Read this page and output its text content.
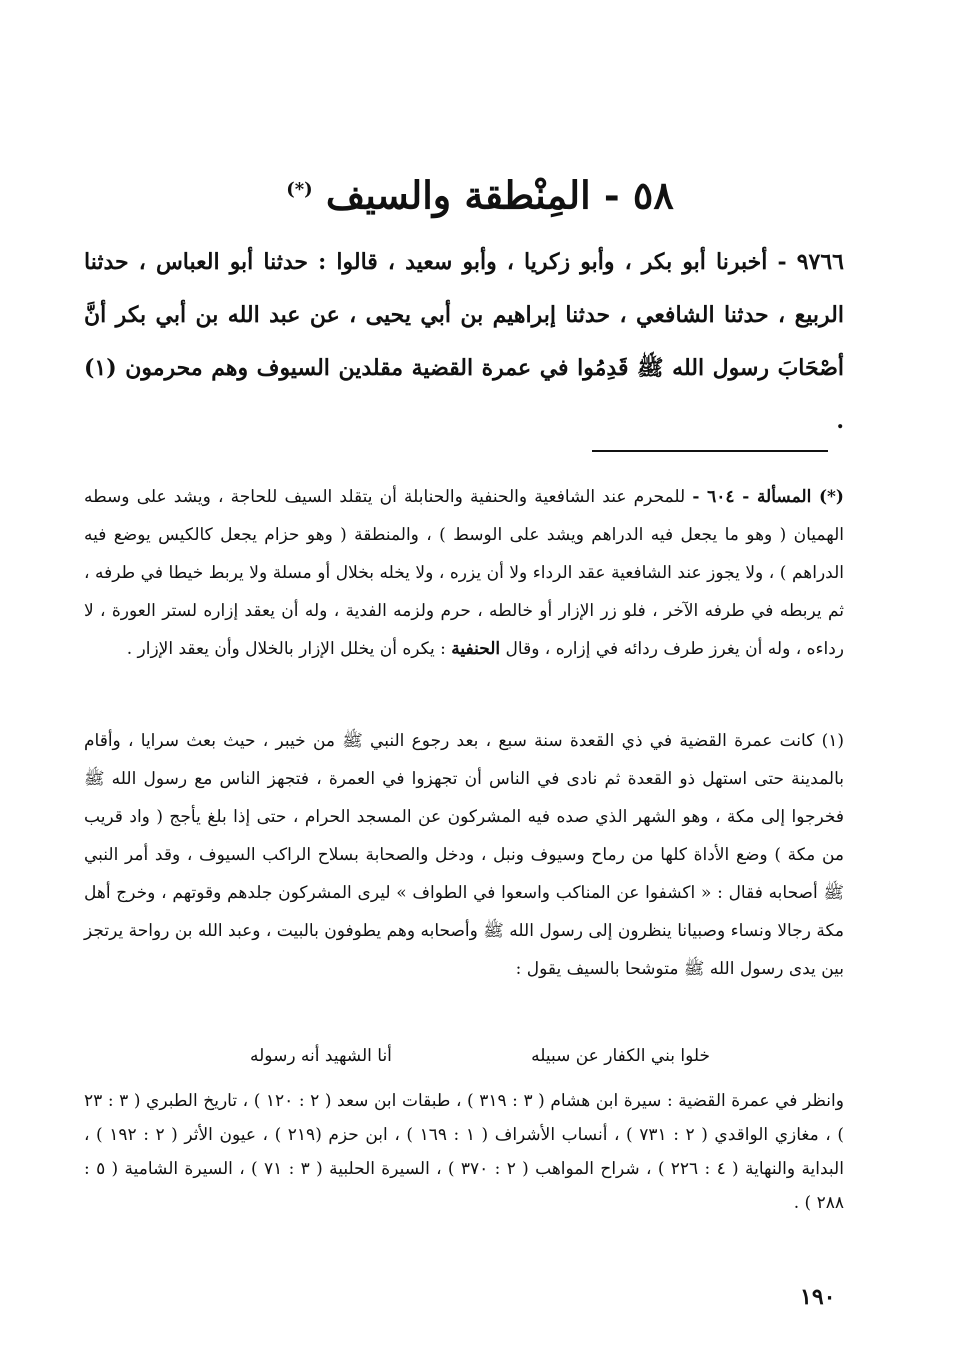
٥٨ - المِنْطقة والسيف (*)

٩٧٦٦ - أخبرنا أبو بكر ، وأبو زكريا ، وأبو سعيد ، قالوا : حدثنا أبو العباس ، حدثنا الربيع ، حدثنا الشافعي ، حدثنا إبراهيم بن أبي يحيى ، عن عبد الله بن أبي بكر أنَّ أصْحَابَ رسول الله ﷺ قَدِمُوا في عمرة القضية مقلدين السيوف وهم محرمون (١) .

(*) المسألة - ٦٠٤ - للمحرم عند الشافعية والحنفية والحنابلة أن يتقلد السيف للحاجة ، ويشد على وسطه الهميان ( وهو ما يجعل فيه الدراهم ويشد على الوسط ) ، والمنطقة ( وهو حزام يجعل كالكيس يوضع فيه الدراهم ) ، ولا يجوز عند الشافعية عقد الرداء ولا أن يزره ، ولا يخله بخلال أو مسلة ولا يربط خيطا في طرفه ، ثم يربطه في طرفه الآخر ، فلو زر الإزار أو خالطه ، حرم ولزمه الفدية ، وله أن يعقد إزاره لستر العورة ، لا رداءه ، وله أن يغرز طرف ردائه في إزاره ، وقال الحنفية : يكره أن يخلل الإزار بالخلال وأن يعقد الإزار .

(١) كانت عمرة القضية في ذي القعدة سنة سبع ، بعد رجوع النبي ﷺ من خيبر ، حيث بعث سرايا ، وأقام بالمدينة حتى استهل ذو القعدة ثم نادى في الناس أن تجهزوا في العمرة ، فتجهز الناس مع رسول الله ﷺ فخرجوا إلى مكة ، وهو الشهر الذي صده فيه المشركون عن المسجد الحرام ، حتى إذا بلغ يأجج ( واد قريب من مكة ) وضع الأداة كلها من رماح وسيوف ونبل ، ودخل والصحابة بسلاح الراكب السيوف ، وقد أمر النبي ﷺ أصحابه فقال : « اكشفوا عن المناكب واسعوا في الطواف » ليرى المشركون جلدهم وقوتهم ، وخرج أهل مكة رجالا ونساء وصبيانا ينظرون إلى رسول الله ﷺ وأصحابه وهم يطوفون بالبيت ، وعبد الله بن رواحة يرتجز بين يدى رسول الله ﷺ متوشحا بالسيف يقول :

خلوا بني الكفار عن سبيله
أنا الشهيد أنه رسوله

وانظر في عمرة القضية : سيرة ابن هشام ( ٣ : ٣١٩ ) ، طبقات ابن سعد ( ٢ : ١٢٠ ) ، تاريخ الطبري ( ٣ : ٢٣ ) ، مغازي الواقدي ( ٢ : ٧٣١ ) ، أنساب الأشراف ( ١ : ١٦٩ ) ، ابن حزم (٢١٩ ) ، عيون الأثر ( ٢ : ١٩٢ ) ، البداية والنهاية ( ٤ : ٢٢٦ ) ، شراح المواهب ( ٢ : ٣٧٠ ) ، السيرة الحلبية ( ٣ : ٧١ ) ، السيرة الشامية ( ٥ : ٢٨٨ ) .

١٩٠
